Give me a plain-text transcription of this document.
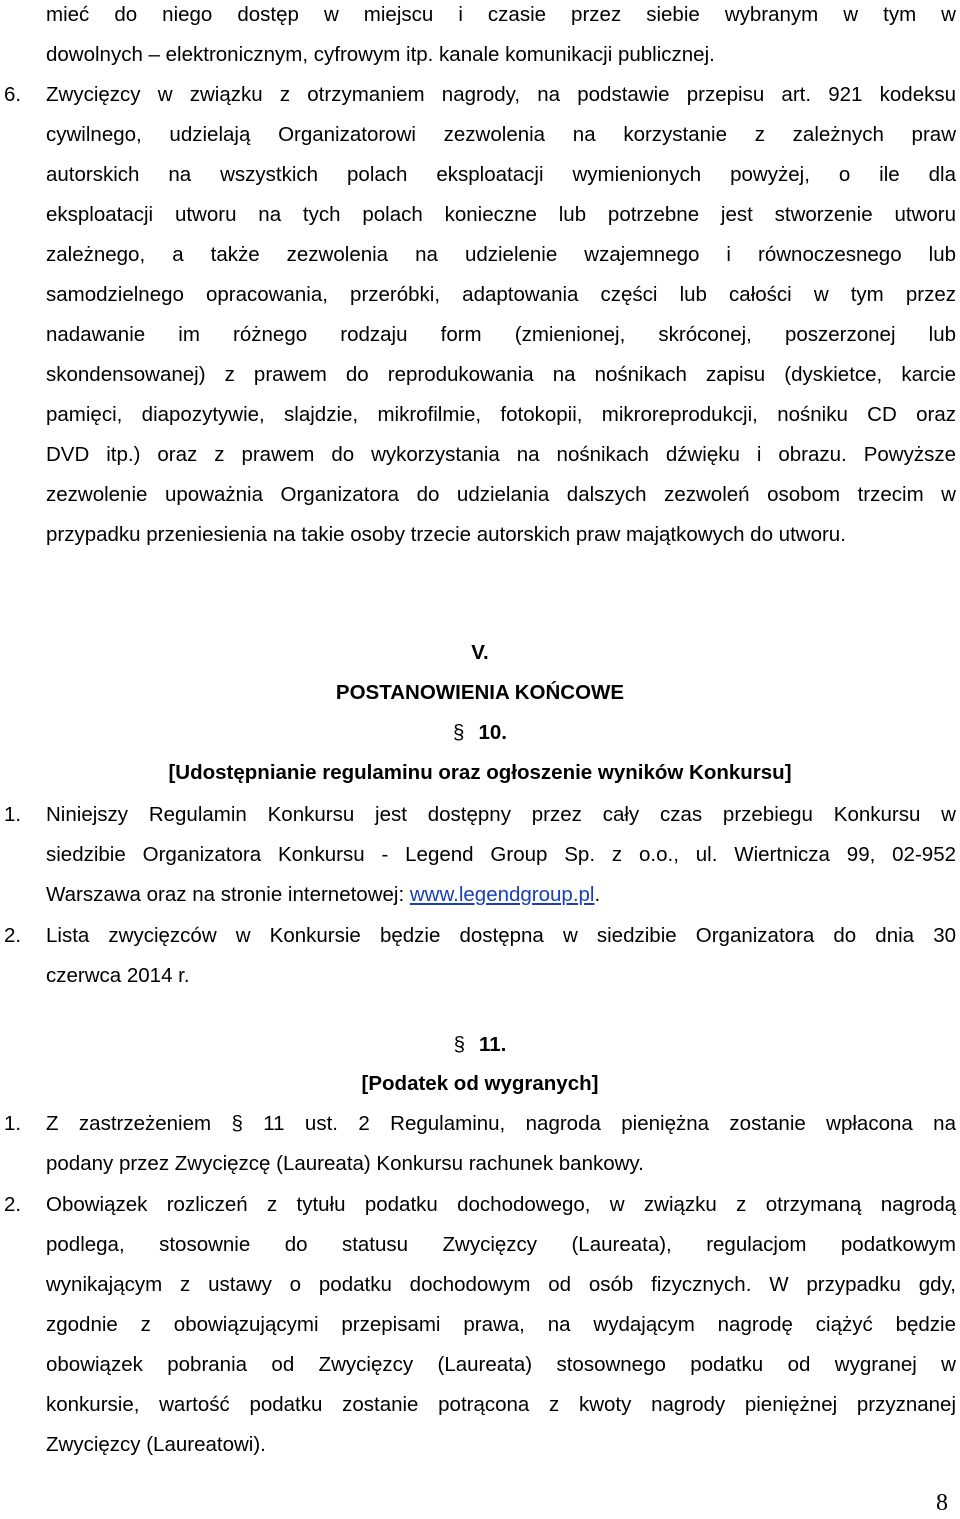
mieć do niego dostęp w miejscu i czasie przez siebie wybranym w tym w
dowolnych – elektronicznym, cyfrowym itp. kanale komunikacji publicznej.
6. Zwycięzcy w związku z otrzymaniem nagrody, na podstawie przepisu art. 921 kodeksu
cywilnego, udzielają Organizatorowi zezwolenia na korzystanie z zależnych praw
autorskich na wszystkich polach eksploatacji wymienionych powyżej, o ile dla
eksploatacji utworu na tych polach konieczne lub potrzebne jest stworzenie utworu
zależnego, a także zezwolenia na udzielenie wzajemnego i równoczesnego lub
samodzielnego opracowania, przeróbki, adaptowania części lub całości w tym przez
nadawanie im różnego rodzaju form (zmienionej, skróconej, poszerzonej lub
skondensowanej) z prawem do reprodukowania na nośnikach zapisu (dyskietce, karcie
pamięci, diapozytywie, slajdzie, mikrofilmie, fotokopii, mikroreprodukcji, nośniku CD oraz
DVD itp.) oraz z prawem do wykorzystania na nośnikach dźwięku i obrazu. Powyższe
zezwolenie upoważnia Organizatora do udzielania dalszych zezwoleń osobom trzecim w
przypadku przeniesienia na takie osoby trzecie autorskich praw majątkowych do utworu.
V.
POSTANOWIENIA KOŃCOWE
§ 10.
[Udostępnianie regulaminu oraz ogłoszenie wyników Konkursu]
1. Niniejszy Regulamin Konkursu jest dostępny przez cały czas przebiegu Konkursu w
siedzibie Organizatora Konkursu - Legend Group Sp. z o.o., ul. Wiertnicza 99, 02-952
Warszawa oraz na stronie internetowej: www.legendgroup.pl.
2. Lista zwycięzców w Konkursie będzie dostępna w siedzibie Organizatora do dnia 30
czerwca 2014 r.
§ 11.
[Podatek od wygranych]
1. Z zastrzeżeniem § 11 ust. 2 Regulaminu, nagroda pieniężna zostanie wpłacona na
podany przez Zwycięzcę (Laureata) Konkursu rachunek bankowy.
2. Obowiązek rozliczeń z tytułu podatku dochodowego, w związku z otrzymaną nagrodą
podlega, stosownie do statusu Zwycięzcy (Laureata), regulacjom podatkowym
wynikającym z ustawy o podatku dochodowym od osób fizycznych. W przypadku gdy,
zgodnie z obowiązującymi przepisami prawa, na wydającym nagrodę ciążyć będzie
obowiązek pobrania od Zwycięzcy (Laureata) stosownego podatku od wygranej w
konkursie, wartość podatku zostanie potrącona z kwoty nagrody pieniężnej przyznanej
Zwycięzcy (Laureatowi).
8
